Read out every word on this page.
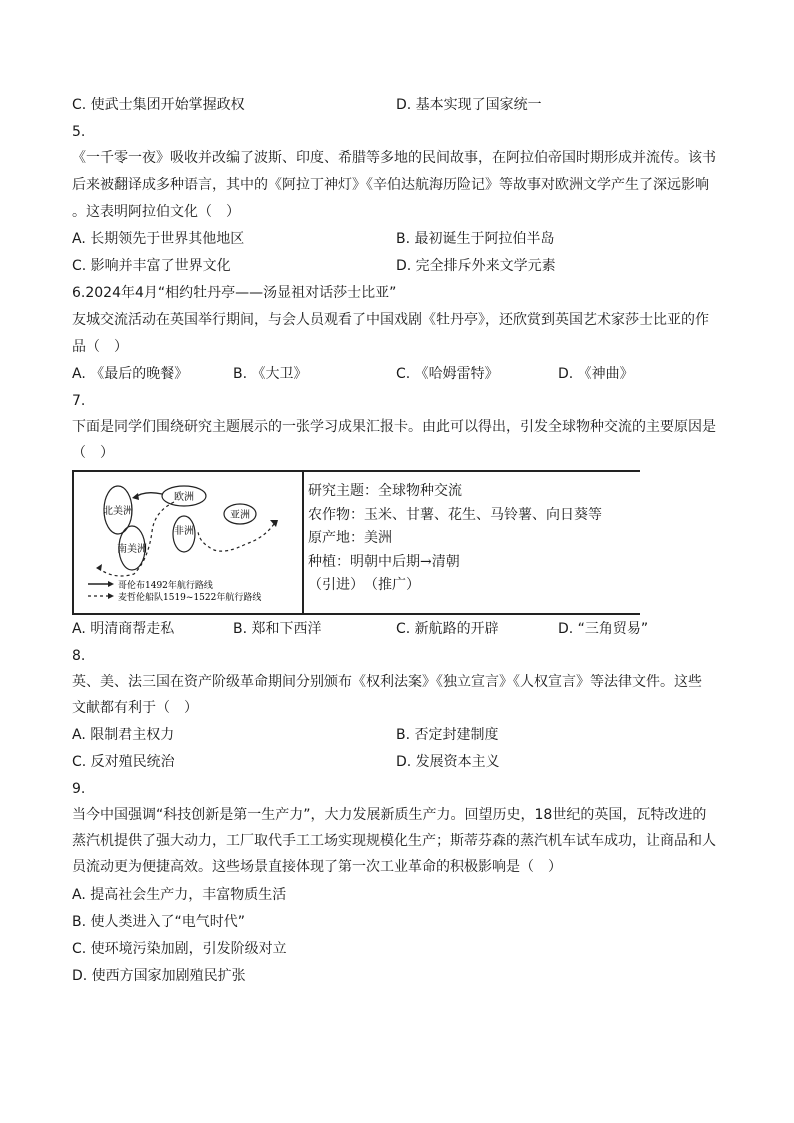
C. 使武士集团开始掌握政权	D. 基本实现了国家统一
5.
《一千零一夜》吸收并改编了波斯、印度、希腊等多地的民间故事，在阿拉伯帝国时期形成并流传。该书
后来被翻译成多种语言，其中的《阿拉丁神灯》《辛伯达航海历险记》等故事对欧洲文学产生了深远影响
。这表明阿拉伯文化（　）
A. 长期领先于世界其他地区	B. 最初诞生于阿拉伯半岛
C. 影响并丰富了世界文化	D. 完全排斥外来文学元素
6.2024年4月“相约牡丹亭——汤显祖对话莎士比亚”
友城交流活动在英国举行期间，与会人员观看了中国戏剧《牡丹亭》，还欣赏到英国艺术家莎士比亚的作
品（　）
A. 《最后的晚餐》	B. 《大卫》	C. 《哈姆雷特》	D. 《神曲》
7.
下面是同学们围绕研究主题展示的一张学习成果汇报卡。由此可以得出，引发全球物种交流的主要原因是
（　）
欧洲
亚洲
非洲
北美洲
南美洲
哥伦布1492年航行路线
麦哲伦船队1519~1522年航行路线
研究主题：全球物种交流
农作物：玉米、甘薯、花生、马铃薯、向日葵等
原产地：美洲
种植：明朝中后期→清朝
（引进）　（推广）
A. 明清商帮走私	B. 郑和下西洋	C. 新航路的开辟	D. “三角贸易”
8.
英、美、法三国在资产阶级革命期间分别颁布《权利法案》《独立宣言》《人权宣言》等法律文件。这些
文献都有利于（　）
A. 限制君主权力	B. 否定封建制度
C. 反对殖民统治	D. 发展资本主义
9.
当今中国强调“科技创新是第一生产力”，大力发展新质生产力。回望历史，18世纪的英国，瓦特改进的
蒸汽机提供了强大动力，工厂取代手工工场实现规模化生产；斯蒂芬森的蒸汽机车试车成功，让商品和人
员流动更为便捷高效。这些场景直接体现了第一次工业革命的积极影响是（　）
A. 提高社会生产力，丰富物质生活
B. 使人类进入了“电气时代”
C. 使环境污染加剧，引发阶级对立
D. 使西方国家加剧殖民扩张
